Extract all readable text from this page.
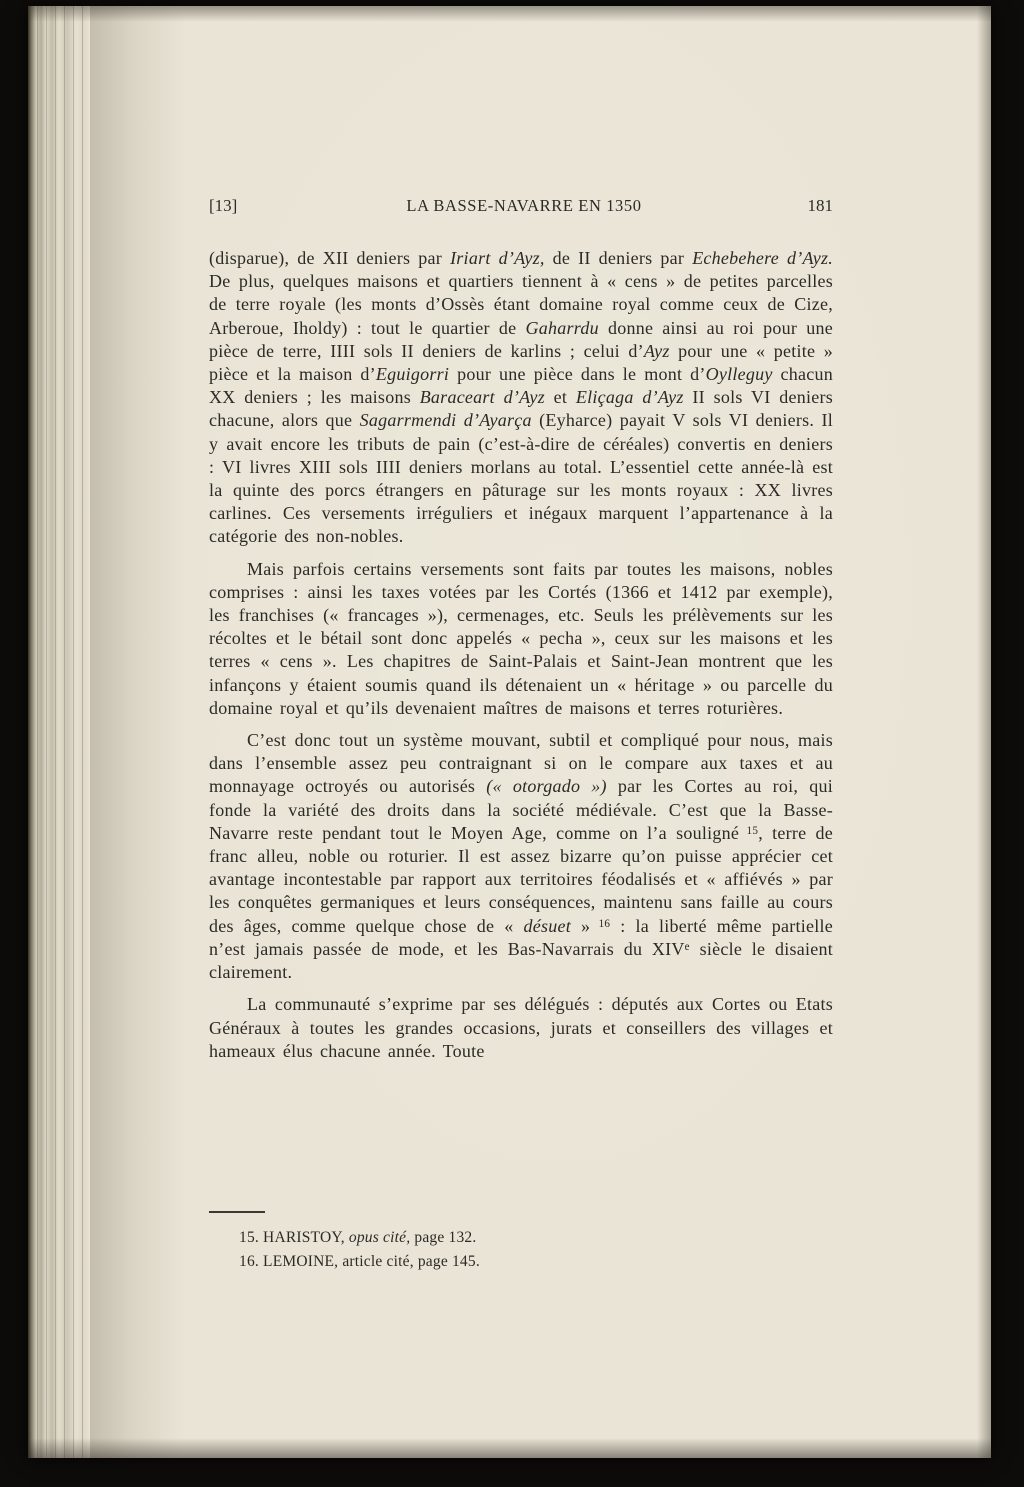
[13]	LA BASSE-NAVARRE EN 1350	181

(disparue), de XII deniers par Iriart d’Ayz, de II deniers par Echebehere d’Ayz. De plus, quelques maisons et quartiers tiennent à « cens » de petites parcelles de terre royale (les monts d’Ossès étant domaine royal comme ceux de Cize, Arberoue, Iholdy) : tout le quartier de Gaharrdu donne ainsi au roi pour une pièce de terre, IIII sols II deniers de karlins ; celui d’Ayz pour une « petite » pièce et la maison d’Eguigorri pour une pièce dans le mont d’Oylleguy chacun XX deniers ; les maisons Baraceart d’Ayz et Eliçaga d’Ayz II sols VI deniers chacune, alors que Sagarrmendi d’Ayarça (Eyharce) payait V sols VI deniers. Il y avait encore les tributs de pain (c’est-à-dire de céréales) convertis en deniers : VI livres XIII sols IIII deniers morlans au total. L’essentiel cette année-là est la quinte des porcs étrangers en pâturage sur les monts royaux : XX livres carlines. Ces versements irréguliers et inégaux marquent l’appartenance à la catégorie des non-nobles.

Mais parfois certains versements sont faits par toutes les maisons, nobles comprises : ainsi les taxes votées par les Cortés (1366 et 1412 par exemple), les franchises (« francages »), cermenages, etc. Seuls les prélèvements sur les récoltes et le bétail sont donc appelés « pecha », ceux sur les maisons et les terres « cens ». Les chapitres de Saint-Palais et Saint-Jean montrent que les infançons y étaient soumis quand ils détenaient un « héritage » ou parcelle du domaine royal et qu’ils devenaient maîtres de maisons et terres roturières.

C’est donc tout un système mouvant, subtil et compliqué pour nous, mais dans l’ensemble assez peu contraignant si on le compare aux taxes et au monnayage octroyés ou autorisés (« otorgado ») par les Cortes au roi, qui fonde la variété des droits dans la société médiévale. C’est que la Basse-Navarre reste pendant tout le Moyen Age, comme on l’a souligné $^{15}$, terre de franc alleu, noble ou roturier. Il est assez bizarre qu’on puisse apprécier cet avantage incontestable par rapport aux territoires féodalisés et « affiévés » par les conquêtes germaniques et leurs conséquences, maintenu sans faille au cours des âges, comme quelque chose de « désuet » $^{16}$ : la liberté même partielle n’est jamais passée de mode, et les Bas-Navarrais du XIVe siècle le disaient clairement.

La communauté s’exprime par ses délégués : députés aux Cortes ou Etats Généraux à toutes les grandes occasions, jurats et conseillers des villages et hameaux élus chacune année. Toute

15. HARISTOY, opus cité, page 132.
16. LEMOINE, article cité, page 145.
